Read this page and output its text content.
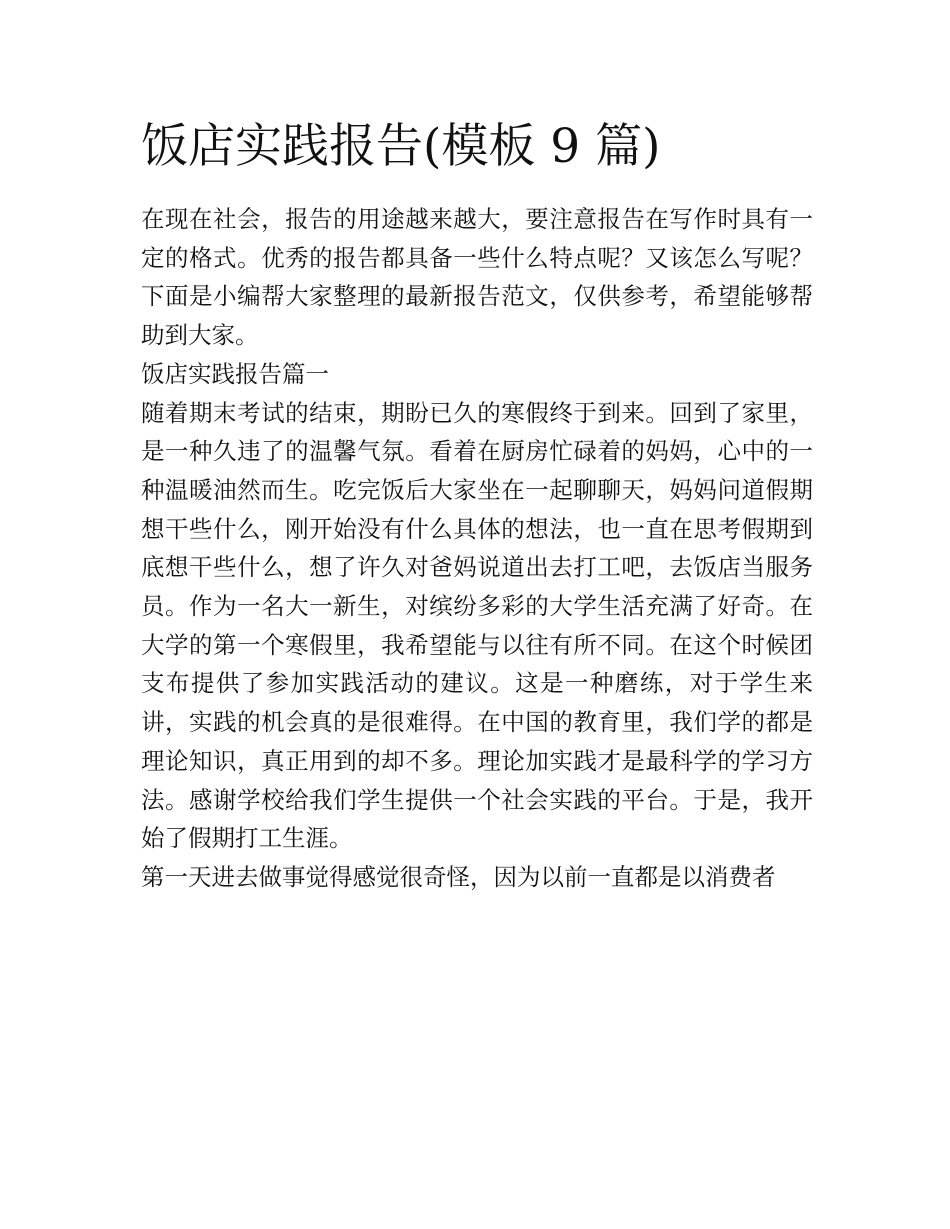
饭店实践报告(模板 9 篇)

在现在社会，报告的用途越来越大，要注意报告在写作时具有一定的格式。优秀的报告都具备一些什么特点呢？又该怎么写呢？下面是小编帮大家整理的最新报告范文，仅供参考，希望能够帮助到大家。

饭店实践报告篇一

随着期末考试的结束，期盼已久的寒假终于到来。回到了家里，是一种久违了的温馨气氛。看着在厨房忙碌着的妈妈，心中的一种温暖油然而生。吃完饭后大家坐在一起聊聊天，妈妈问道假期想干些什么，刚开始没有什么具体的想法，也一直在思考假期到底想干些什么，想了许久对爸妈说道出去打工吧，去饭店当服务员。作为一名大一新生，对缤纷多彩的大学生活充满了好奇。在大学的第一个寒假里，我希望能与以往有所不同。在这个时候团支布提供了参加实践活动的建议。这是一种磨练，对于学生来讲，实践的机会真的是很难得。在中国的教育里，我们学的都是理论知识，真正用到的却不多。理论加实践才是最科学的学习方法。感谢学校给我们学生提供一个社会实践的平台。于是，我开始了假期打工生涯。

第一天进去做事觉得感觉很奇怪，因为以前一直都是以消费者
